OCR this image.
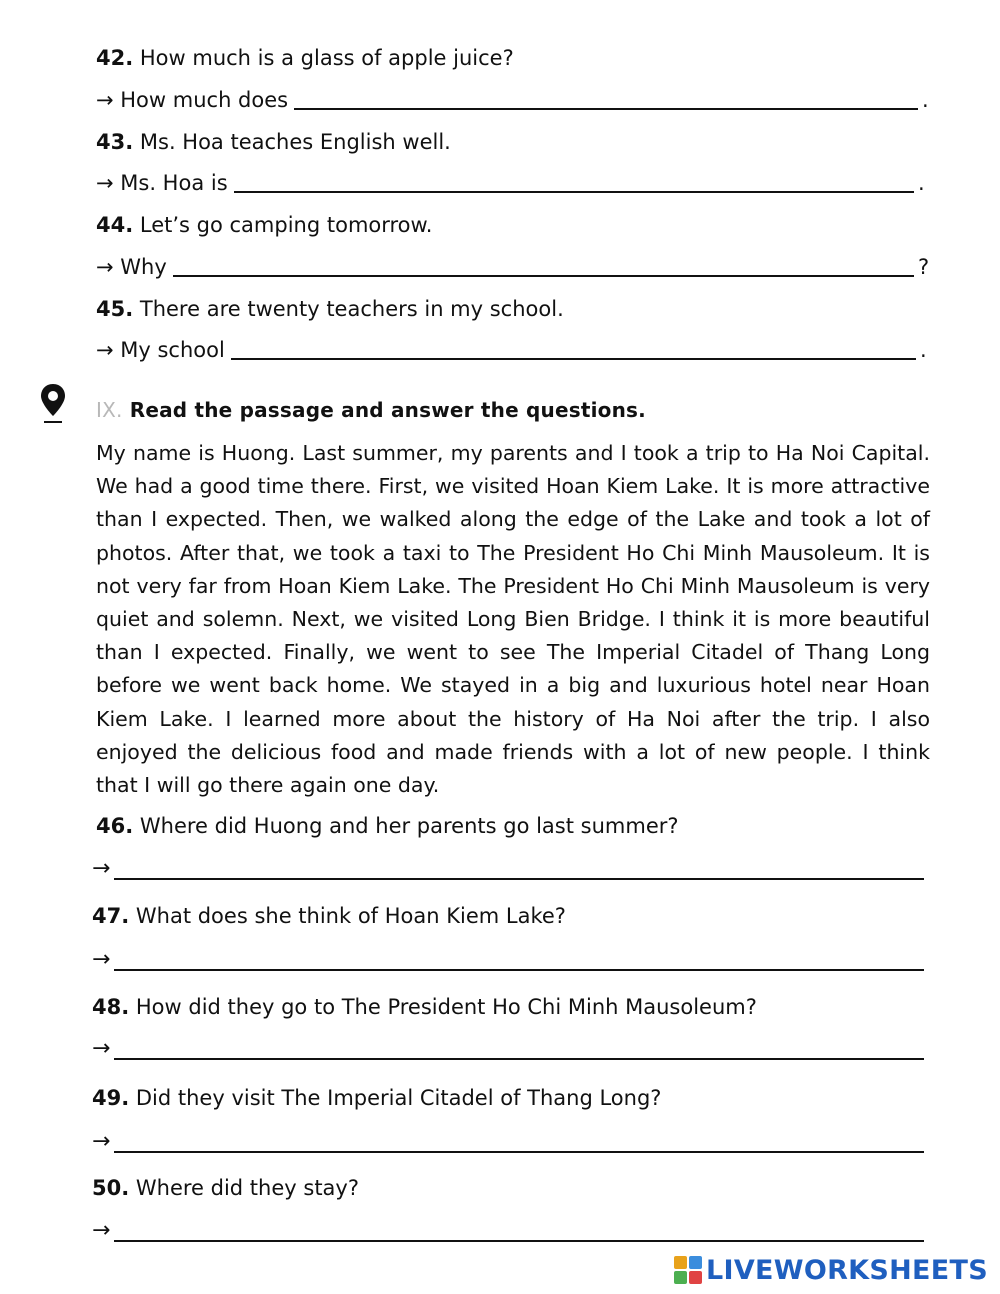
42. How much is a glass of apple juice?
→ How much does	.
43. Ms. Hoa teaches English well.
→ Ms. Hoa is	.
44. Let’s go camping tomorrow.
→ Why	?
45. There are twenty teachers in my school.
→ My school	.
IX. Read the passage and answer the questions.
My name is Huong. Last summer, my parents and I took a trip to Ha Noi Capital. We had a good time there. First, we visited Hoan Kiem Lake. It is more attractive than I expected. Then, we walked along the edge of the Lake and took a lot of photos. After that, we took a taxi to The President Ho Chi Minh Mausoleum. It is not very far from Hoan Kiem Lake. The President Ho Chi Minh Mausoleum is very quiet and solemn. Next, we visited Long Bien Bridge. I think it is more beautiful than I expected. Finally, we went to see The Imperial Citadel of Thang Long before we went back home. We stayed in a big and luxurious hotel near Hoan Kiem Lake. I learned more about the history of Ha Noi after the trip. I also enjoyed the delicious food and made friends with a lot of new people. I think that I will go there again one day.
46. Where did Huong and her parents go last summer?
→
47. What does she think of Hoan Kiem Lake?
→
48. How did they go to The President Ho Chi Minh Mausoleum?
→
49. Did they visit The Imperial Citadel of Thang Long?
→
50. Where did they stay?
→
LIVEWORKSHEETS
